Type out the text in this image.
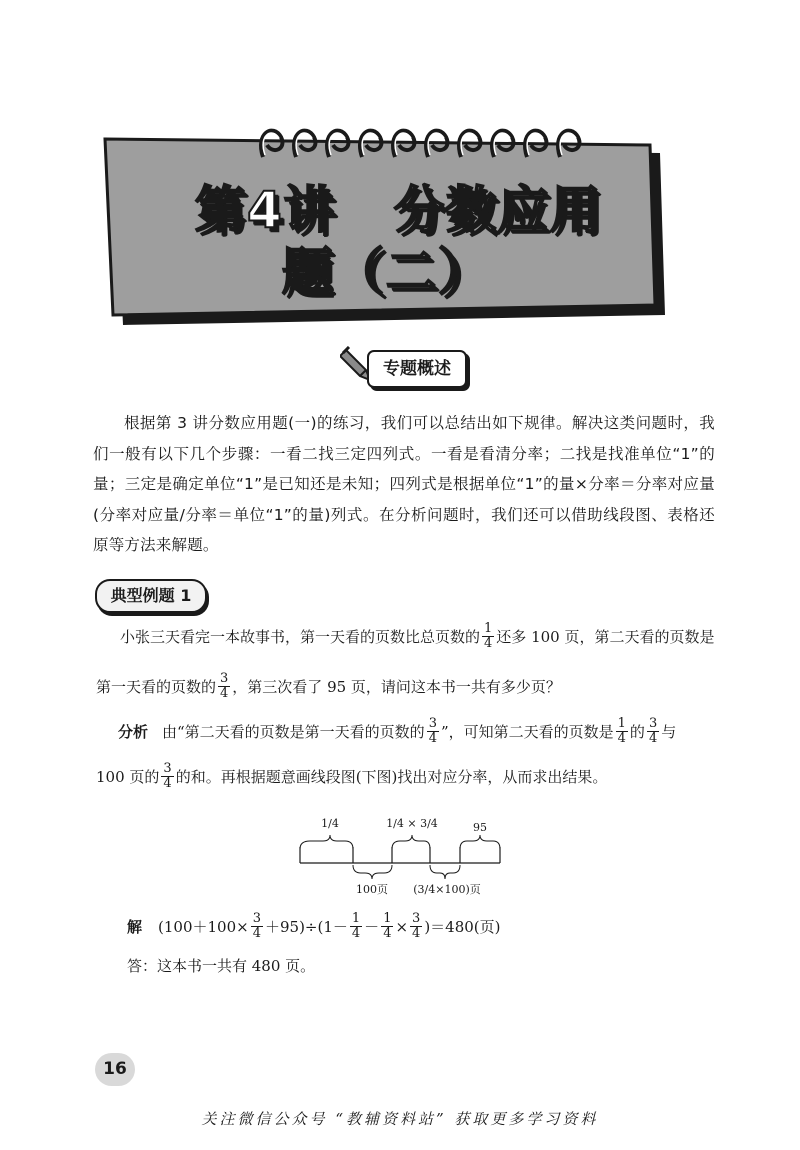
第4讲   分数应用
题（二）
专题概述

根据第 3 讲分数应用题(一)的练习，我们可以总结出如下规律。解决这类问题时，我们一般有以下几个步骤：一看二找三定四列式。一看是看清分率；二找是找准单位“1”的量；三定是确定单位“1”是已知还是未知；四列式是根据单位“1”的量×分率＝分率对应量(分率对应量/分率＝单位“1”的量)列式。在分析问题时，我们还可以借助线段图、表格还原等方法来解题。

典型例题 1
小张三天看完一本故事书，第一天看的页数比总页数的 $\frac{1}{4}$ 还多 100 页，第二天看的页数是
第一天看的页数的 $\frac{3}{4}$ ，第三次看了 95 页，请问这本书一共有多少页？
分析 由“第二天看的页数是第一天看的页数的 $\frac{3}{4}$ ”，可知第二天看的页数是 $\frac{1}{4}$ 的 $\frac{3}{4}$ 与
100 页的 $\frac{3}{4}$ 的和。再根据题意画线段图(下图)找出对应分率，从而求出结果。
1/4	1/4 × 3/4	95
100页 (3/4×100)页
解 $(100+100\times \frac{3}{4} +95)\div(1- \frac{1}{4} - \frac{1}{4} \times \frac{3}{4} )=480$(页)
答：这本书一共有 480 页。
16
关注微信公众号 “教辅资料站” 获取更多学习资料
